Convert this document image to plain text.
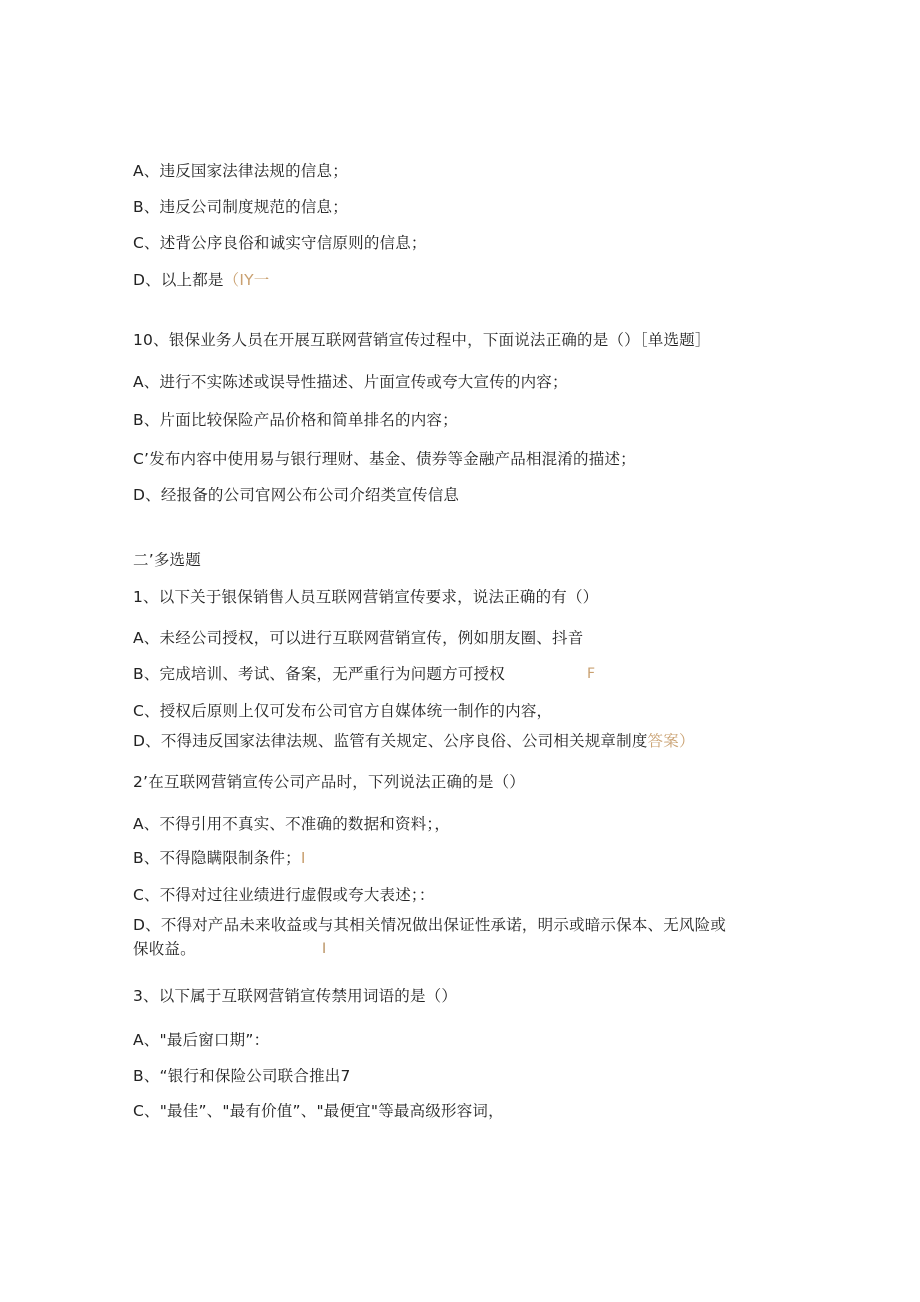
A、违反国家法律法规的信息；
B、违反公司制度规范的信息；
C、述背公序良俗和诚实守信原则的信息；
D、以上都是（IY一
10、银保业务人员在开展互联网营销宣传过程中，下面说法正确的是（）［单选题］
A、进行不实陈述或误导性描述、片面宣传或夸大宣传的内容；
B、片面比较保险产品价格和简单排名的内容；
C’发布内容中使用易与银行理财、基金、债券等金融产品相混淆的描述；
D、经报备的公司官网公布公司介绍类宣传信息
二’多选题
1、以下关于银保销售人员互联网营销宣传要求，说法正确的有（）
A、未经公司授权，可以进行互联网营销宣传，例如朋友圈、抖音
B、完成培训、考试、备案，无严重行为问题方可授权	F
C、授权后原则上仅可发布公司官方自媒体统一制作的内容，
D、不得违反国家法律法规、监管有关规定、公序良俗、公司相关规章制度答案）
2’在互联网营销宣传公司产品时，下列说法正确的是（）
A、不得引用不真实、不准确的数据和资料；，
B、不得隐瞒限制条件；I
C、不得对过往业绩进行虚假或夸大表述；：
D、不得对产品未来收益或与其相关情况做出保证性承诺，明示或暗示保本、无风险或
保收益。	I
3、以下属于互联网营销宣传禁用词语的是（）
A、"最后窗口期”：
B、“银行和保险公司联合推出7
C、"最佳”、"最有价值”、"最便宜"等最高级形容词，
